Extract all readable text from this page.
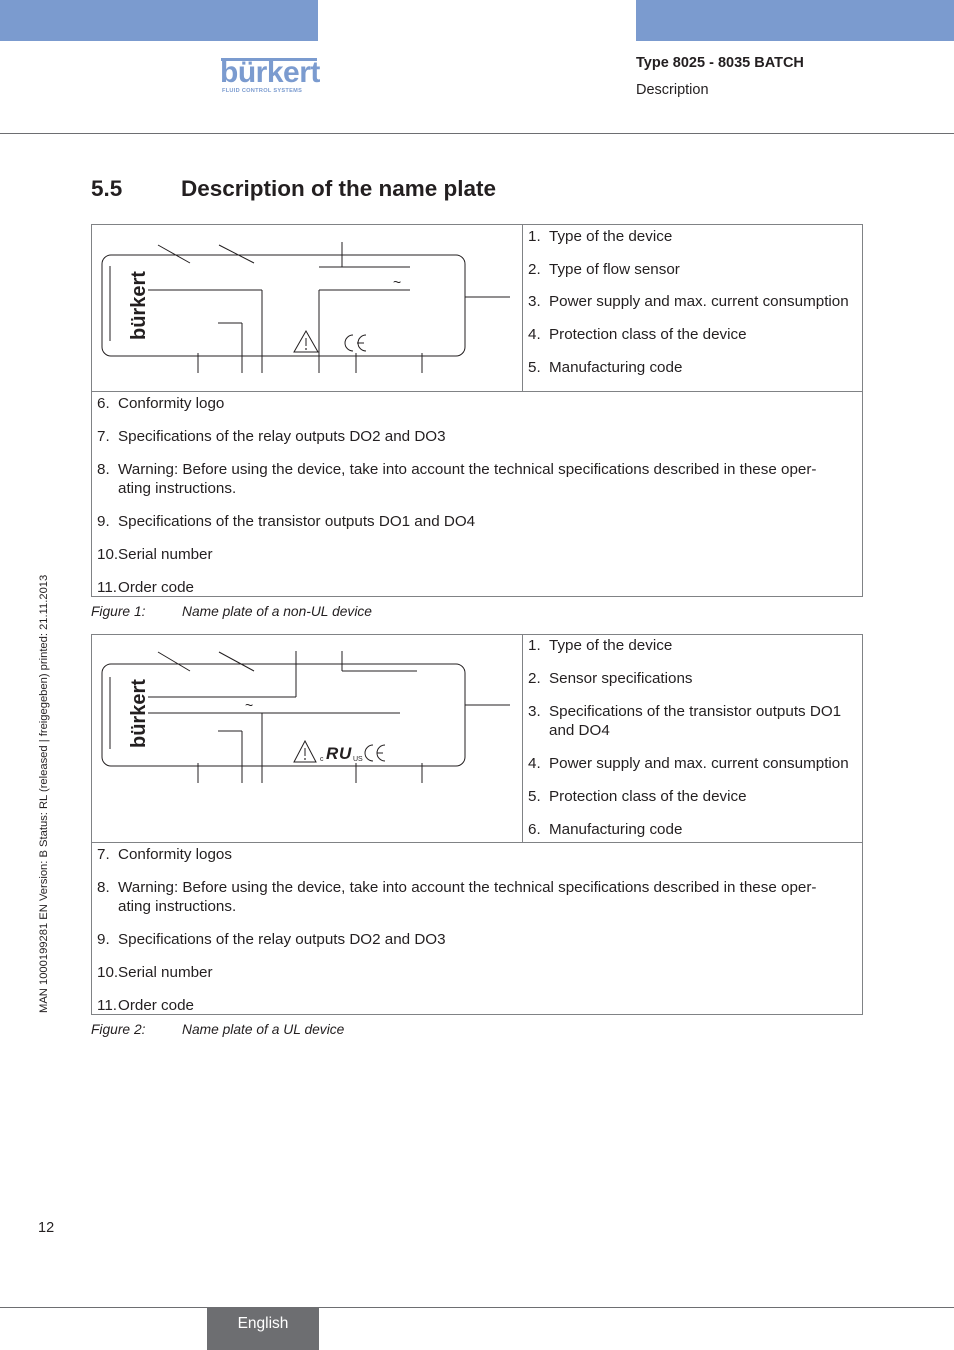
bürkert
FLUID CONTROL SYSTEMS
Type 8025 - 8035 BATCH
Description
5.5	Description of the name plate
~
bürkert
1. Type of the device
2. Type of flow sensor
3. Power supply and max. current consumption
4. Protection class of the device
5. Manufacturing code
6. Conformity logo
7. Specifications of the relay outputs DO2 and DO3
8. Warning: Before using the device, take into account the technical specifications described in these oper-
ating instructions.
9. Specifications of the transistor outputs DO1 and DO4
10. Serial number
11. Order code
Figure 1:	Name plate of a non-UL device
c R U US
~
bürkert
1. Type of the device
2. Sensor specifications
3. Specifications of the transistor outputs DO1
and DO4
4. Power supply and max. current consumption
5. Protection class of the device
6. Manufacturing code
7. Conformity logos
8. Warning: Before using the device, take into account the technical specifications described in these oper-
ating instructions.
9. Specifications of the relay outputs DO2 and DO3
10. Serial number
11. Order code
Figure 2:	Name plate of a UL device
MAN 1000199281 EN Version: B Status: RL (released | freigegeben) printed: 21.11.2013
12
English
